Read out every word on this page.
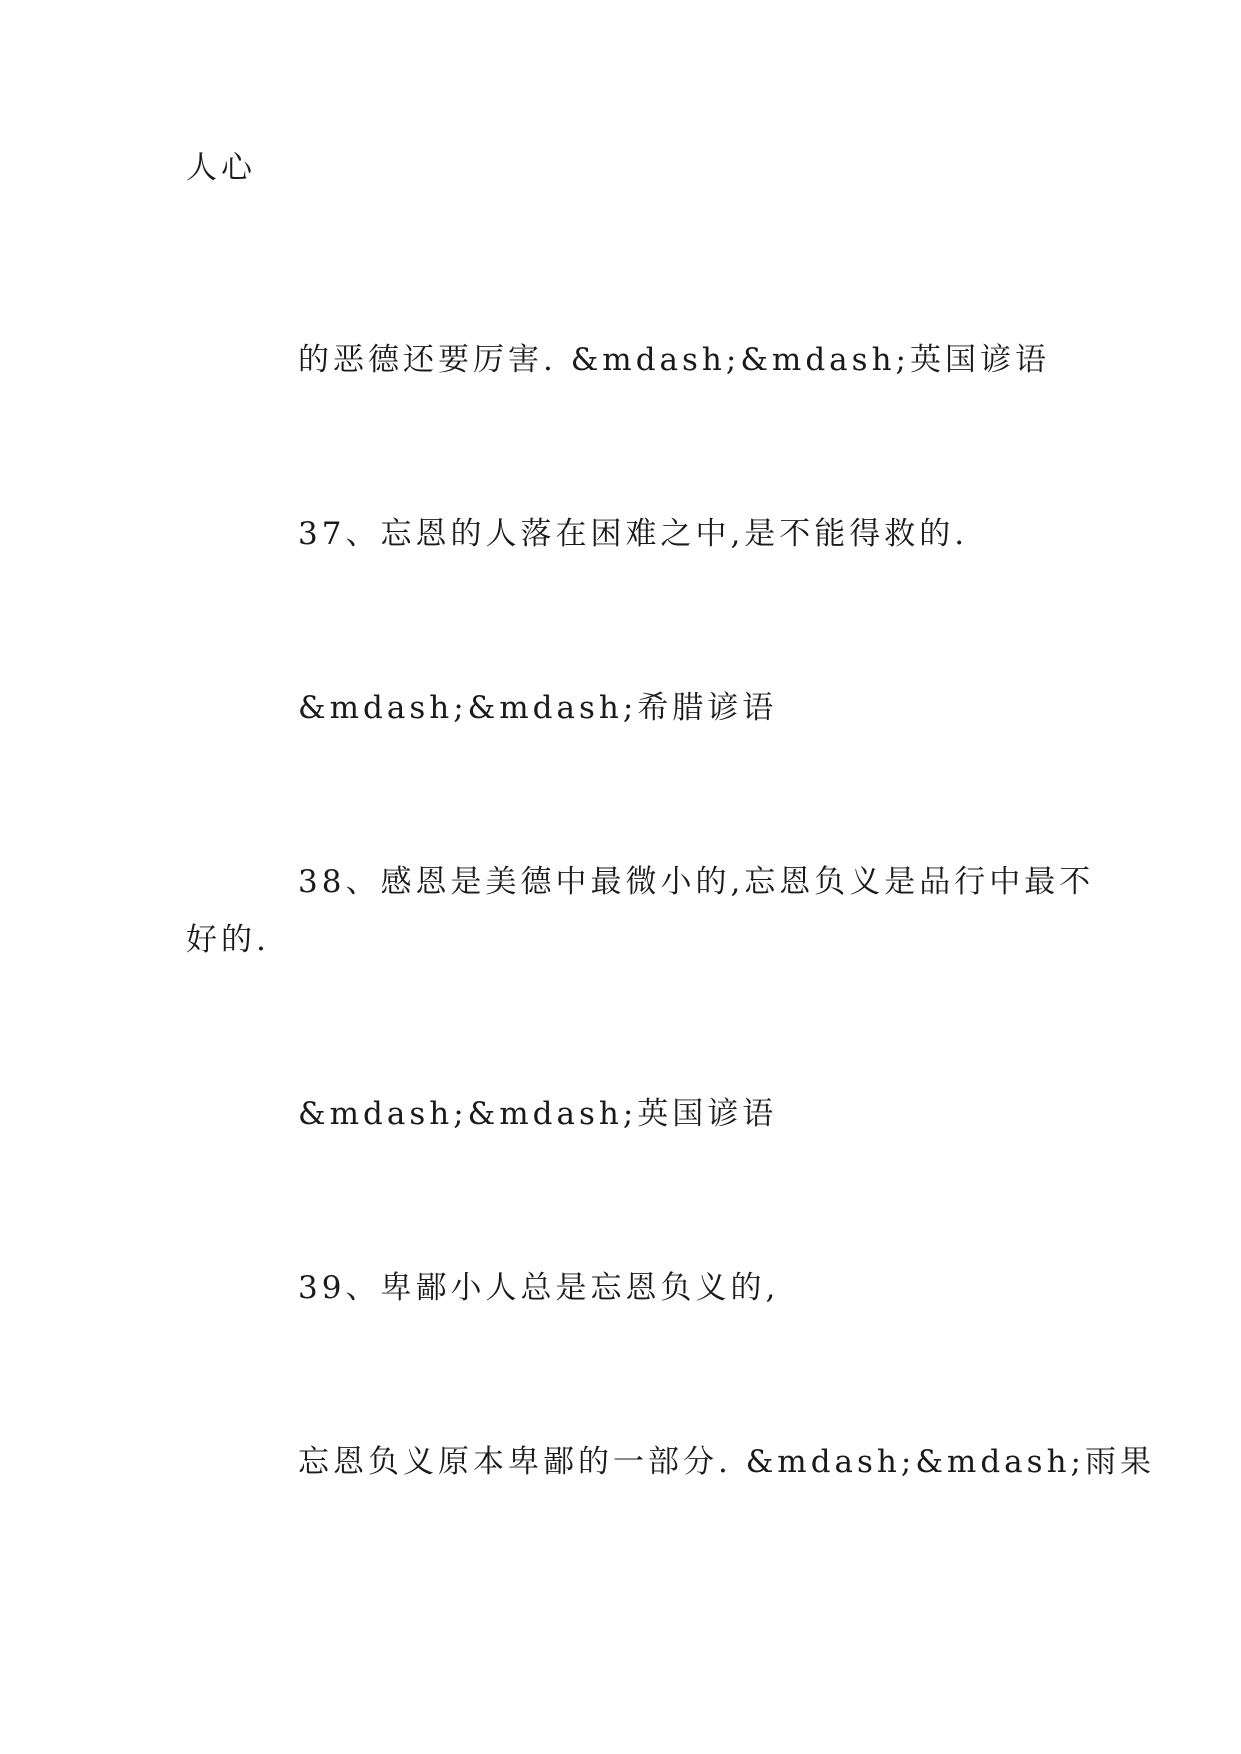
人心
的恶德还要厉害. &mdash;&mdash;英国谚语
37、忘恩的人落在困难之中,是不能得救的.
&mdash;&mdash;希腊谚语
38、感恩是美德中最微小的,忘恩负义是品行中最不
好的.
&mdash;&mdash;英国谚语
39、卑鄙小人总是忘恩负义的,
忘恩负义原本卑鄙的一部分. &mdash;&mdash;雨果
